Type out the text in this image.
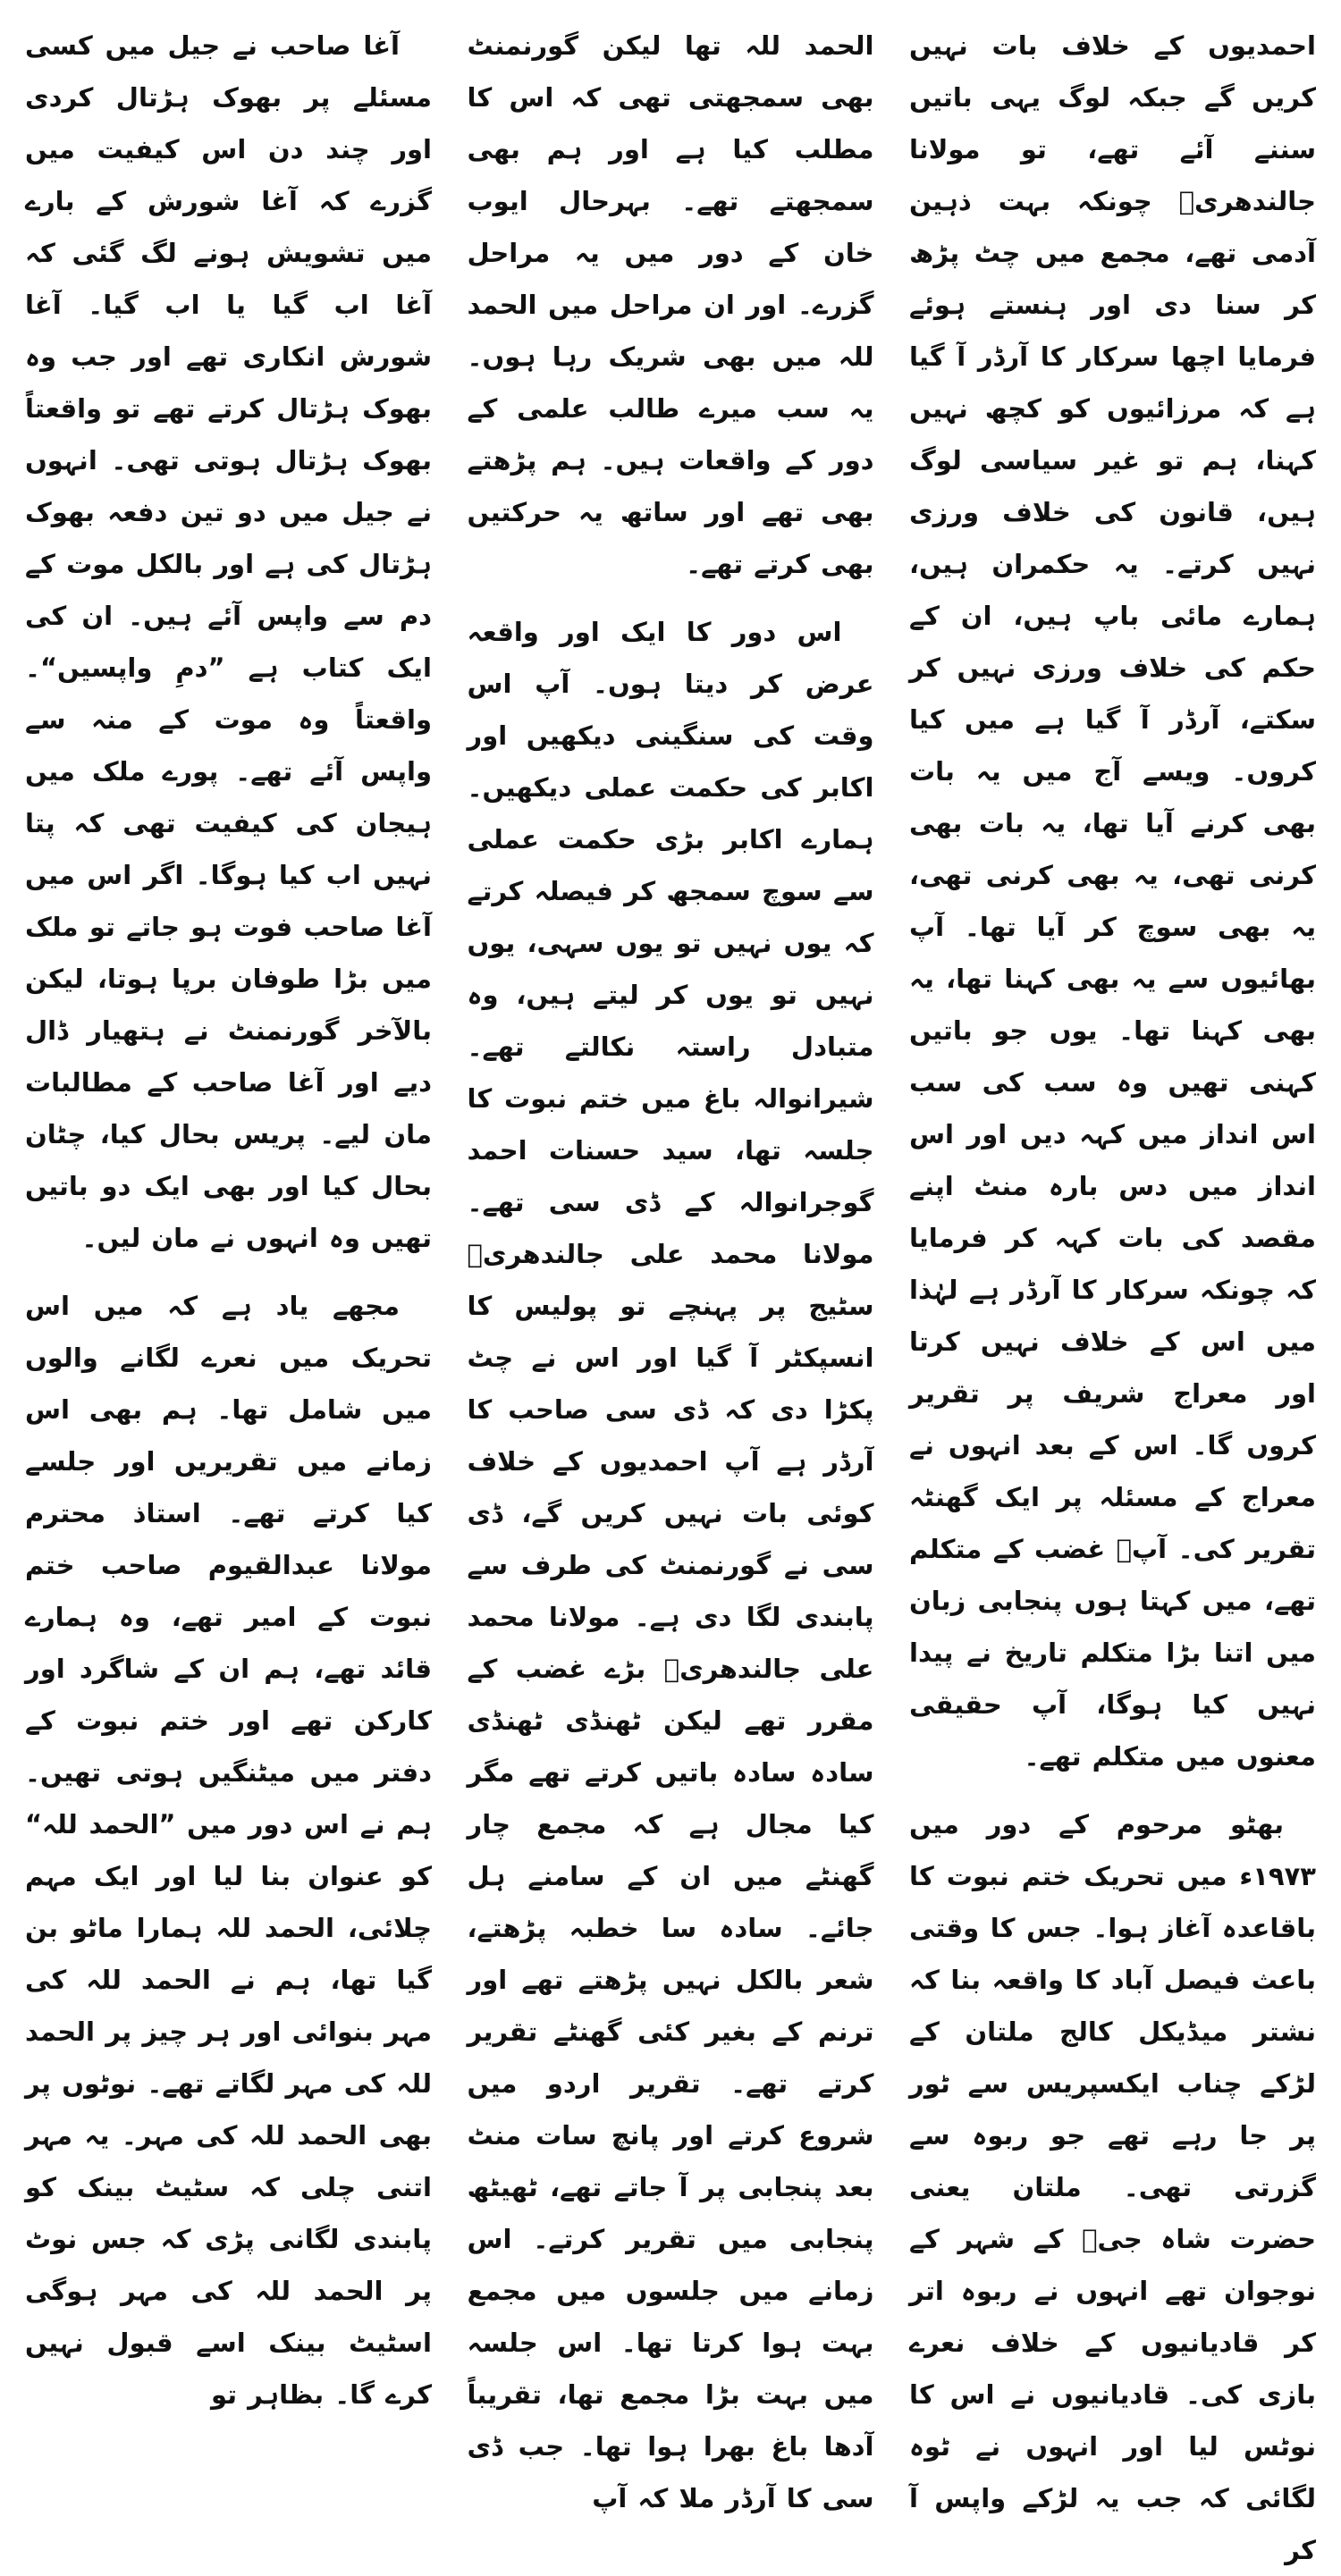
آغا صاحب نے جیل میں کسی مسئلے پر بھوک ہڑتال کردی اور چند دن اس کیفیت میں گزرے کہ آغا شورش کے بارے میں تشویش ہونے لگ گئی کہ آغا اب گیا یا اب گیا۔ آغا شورش انکاری تھے اور جب وہ بھوک ہڑتال کرتے تھے تو واقعتاً بھوک ہڑتال ہوتی تھی۔ انہوں نے جیل میں دو تین دفعہ بھوک ہڑتال کی ہے اور بالکل موت کے دم سے واپس آئے ہیں۔ ان کی ایک کتاب ہے ”دمِ واپسیں“۔ واقعتاً وہ موت کے منہ سے واپس آئے تھے۔ پورے ملک میں ہیجان کی کیفیت تھی کہ پتا نہیں اب کیا ہوگا۔ اگر اس میں آغا صاحب فوت ہو جاتے تو ملک میں بڑا طوفان برپا ہوتا، لیکن بالآخر گورنمنٹ نے ہتھیار ڈال دیے اور آغا صاحب کے مطالبات مان لیے۔ پریس بحال کیا، چٹان بحال کیا اور بھی ایک دو باتیں تھیں وہ انہوں نے مان لیں۔

مجھے یاد ہے کہ میں اس تحریک میں نعرے لگانے والوں میں شامل تھا۔ ہم بھی اس زمانے میں تقریریں اور جلسے کیا کرتے تھے۔ استاذ محترم مولانا عبدالقیوم صاحب ختم نبوت کے امیر تھے، وہ ہمارے قائد تھے، ہم ان کے شاگرد اور کارکن تھے اور ختم نبوت کے دفتر میں میٹنگیں ہوتی تھیں۔ ہم نے اس دور میں ”الحمد للہ“ کو عنوان بنا لیا اور ایک مہم چلائی، الحمد للہ ہمارا ماٹو بن گیا تھا، ہم نے الحمد للہ کی مہر بنوائی اور ہر چیز پر الحمد للہ کی مہر لگاتے تھے۔ نوٹوں پر بھی الحمد للہ کی مہر۔ یہ مہر اتنی چلی کہ سٹیٹ بینک کو پابندی لگانی پڑی کہ جس نوٹ پر الحمد للہ کی مہر ہوگی اسٹیٹ بینک اسے قبول نہیں کرے گا۔ بظاہر تو

الحمد للہ تھا لیکن گورنمنٹ بھی سمجھتی تھی کہ اس کا مطلب کیا ہے اور ہم بھی سمجھتے تھے۔ بہرحال ایوب خان کے دور میں یہ مراحل گزرے۔ اور ان مراحل میں الحمد للہ میں بھی شریک رہا ہوں۔ یہ سب میرے طالب علمی کے دور کے واقعات ہیں۔ ہم پڑھتے بھی تھے اور ساتھ یہ حرکتیں بھی کرتے تھے۔

اس دور کا ایک اور واقعہ عرض کر دیتا ہوں۔ آپ اس وقت کی سنگینی دیکھیں اور اکابر کی حکمت عملی دیکھیں۔ ہمارے اکابر بڑی حکمت عملی سے سوچ سمجھ کر فیصلہ کرتے کہ یوں نہیں تو یوں سہی، یوں نہیں تو یوں کر لیتے ہیں، وہ متبادل راستہ نکالتے تھے۔ شیرانوالہ باغ میں ختم نبوت کا جلسہ تھا، سید حسنات احمد گوجرانوالہ کے ڈی سی تھے۔ مولانا محمد علی جالندھریؒ سٹیج پر پہنچے تو پولیس کا انسپکٹر آ گیا اور اس نے چٹ پکڑا دی کہ ڈی سی صاحب کا آرڈر ہے آپ احمدیوں کے خلاف کوئی بات نہیں کریں گے، ڈی سی نے گورنمنٹ کی طرف سے پابندی لگا دی ہے۔ مولانا محمد علی جالندھریؒ بڑے غضب کے مقرر تھے لیکن ٹھنڈی ٹھنڈی سادہ سادہ باتیں کرتے تھے مگر کیا مجال ہے کہ مجمع چار گھنٹے میں ان کے سامنے ہل جائے۔ سادہ سا خطبہ پڑھتے، شعر بالکل نہیں پڑھتے تھے اور ترنم کے بغیر کئی گھنٹے تقریر کرتے تھے۔ تقریر اردو میں شروع کرتے اور پانچ سات منٹ بعد پنجابی پر آ جاتے تھے، ٹھیٹھ پنجابی میں تقریر کرتے۔ اس زمانے میں جلسوں میں مجمع بہت ہوا کرتا تھا۔ اس جلسہ میں بہت بڑا مجمع تھا، تقریباً آدھا باغ بھرا ہوا تھا۔ جب ڈی سی کا آرڈر ملا کہ آپ

احمدیوں کے خلاف بات نہیں کریں گے جبکہ لوگ یہی باتیں سننے آئے تھے، تو مولانا جالندھریؒ چونکہ بہت ذہین آدمی تھے، مجمع میں چٹ پڑھ کر سنا دی اور ہنستے ہوئے فرمایا اچھا سرکار کا آرڈر آ گیا ہے کہ مرزائیوں کو کچھ نہیں کہنا، ہم تو غیر سیاسی لوگ ہیں، قانون کی خلاف ورزی نہیں کرتے۔ یہ حکمران ہیں، ہمارے مائی باپ ہیں، ان کے حکم کی خلاف ورزی نہیں کر سکتے، آرڈر آ گیا ہے میں کیا کروں۔ ویسے آج میں یہ بات بھی کرنے آیا تھا، یہ بات بھی کرنی تھی، یہ بھی کرنی تھی، یہ بھی سوچ کر آیا تھا۔ آپ بھائیوں سے یہ بھی کہنا تھا، یہ بھی کہنا تھا۔ یوں جو باتیں کہنی تھیں وہ سب کی سب اس انداز میں کہہ دیں اور اس انداز میں دس بارہ منٹ اپنے مقصد کی بات کہہ کر فرمایا کہ چونکہ سرکار کا آرڈر ہے لہٰذا میں اس کے خلاف نہیں کرتا اور معراج شریف پر تقریر کروں گا۔ اس کے بعد انہوں نے معراج کے مسئلہ پر ایک گھنٹہ تقریر کی۔ آپؒ غضب کے متکلم تھے، میں کہتا ہوں پنجابی زبان میں اتنا بڑا متکلم تاریخ نے پیدا نہیں کیا ہوگا، آپ حقیقی معنوں میں متکلم تھے۔

بھٹو مرحوم کے دور میں ۱۹۷۳ء میں تحریک ختم نبوت کا باقاعدہ آغاز ہوا۔ جس کا وقتی باعث فیصل آباد کا واقعہ بنا کہ نشتر میڈیکل کالج ملتان کے لڑکے چناب ایکسپریس سے ٹور پر جا رہے تھے جو ربوہ سے گزرتی تھی۔ ملتان یعنی حضرت شاہ جیؒ کے شہر کے نوجوان تھے انہوں نے ربوہ اتر کر قادیانیوں کے خلاف نعرے بازی کی۔ قادیانیوں نے اس کا نوٹس لیا اور انہوں نے ٹوہ لگائی کہ جب یہ لڑکے واپس آ کر
